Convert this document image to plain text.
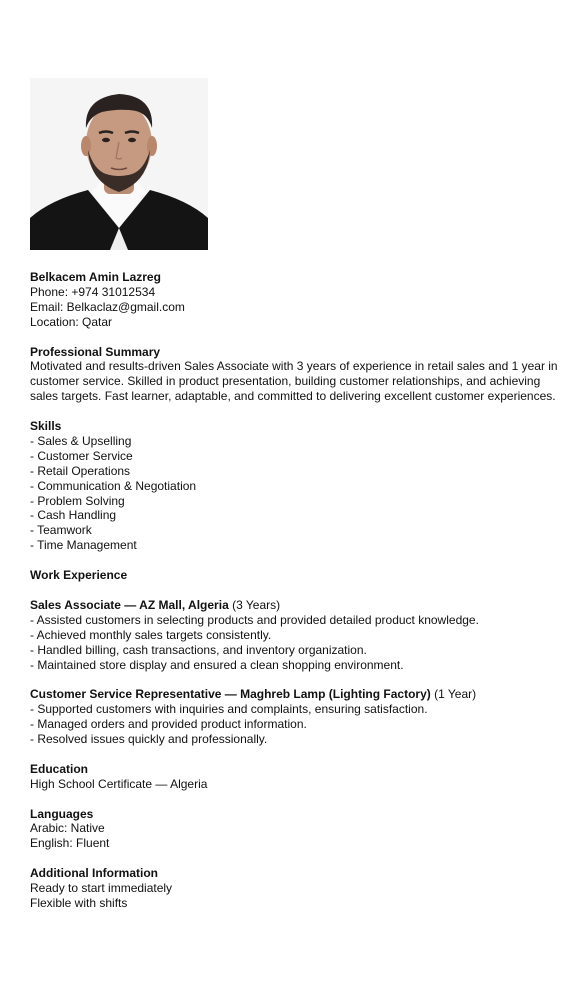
Belkacem Amin Lazreg
Phone: +974 31012534
Email: Belkaclaz@gmail.com
Location: Qatar
Professional Summary
Motivated and results-driven Sales Associate with 3 years of experience in retail sales and 1 year in
customer service. Skilled in product presentation, building customer relationships, and achieving
sales targets. Fast learner, adaptable, and committed to delivering excellent customer experiences.
Skills
- Sales & Upselling
- Customer Service
- Retail Operations
- Communication & Negotiation
- Problem Solving
- Cash Handling
- Teamwork
- Time Management
Work Experience
Sales Associate — AZ Mall, Algeria (3 Years)
- Assisted customers in selecting products and provided detailed product knowledge.
- Achieved monthly sales targets consistently.
- Handled billing, cash transactions, and inventory organization.
- Maintained store display and ensured a clean shopping environment.
Customer Service Representative — Maghreb Lamp (Lighting Factory) (1 Year)
- Supported customers with inquiries and complaints, ensuring satisfaction.
- Managed orders and provided product information.
- Resolved issues quickly and professionally.
Education
High School Certificate — Algeria
Languages
Arabic: Native
English: Fluent
Additional Information
Ready to start immediately
Flexible with shifts
